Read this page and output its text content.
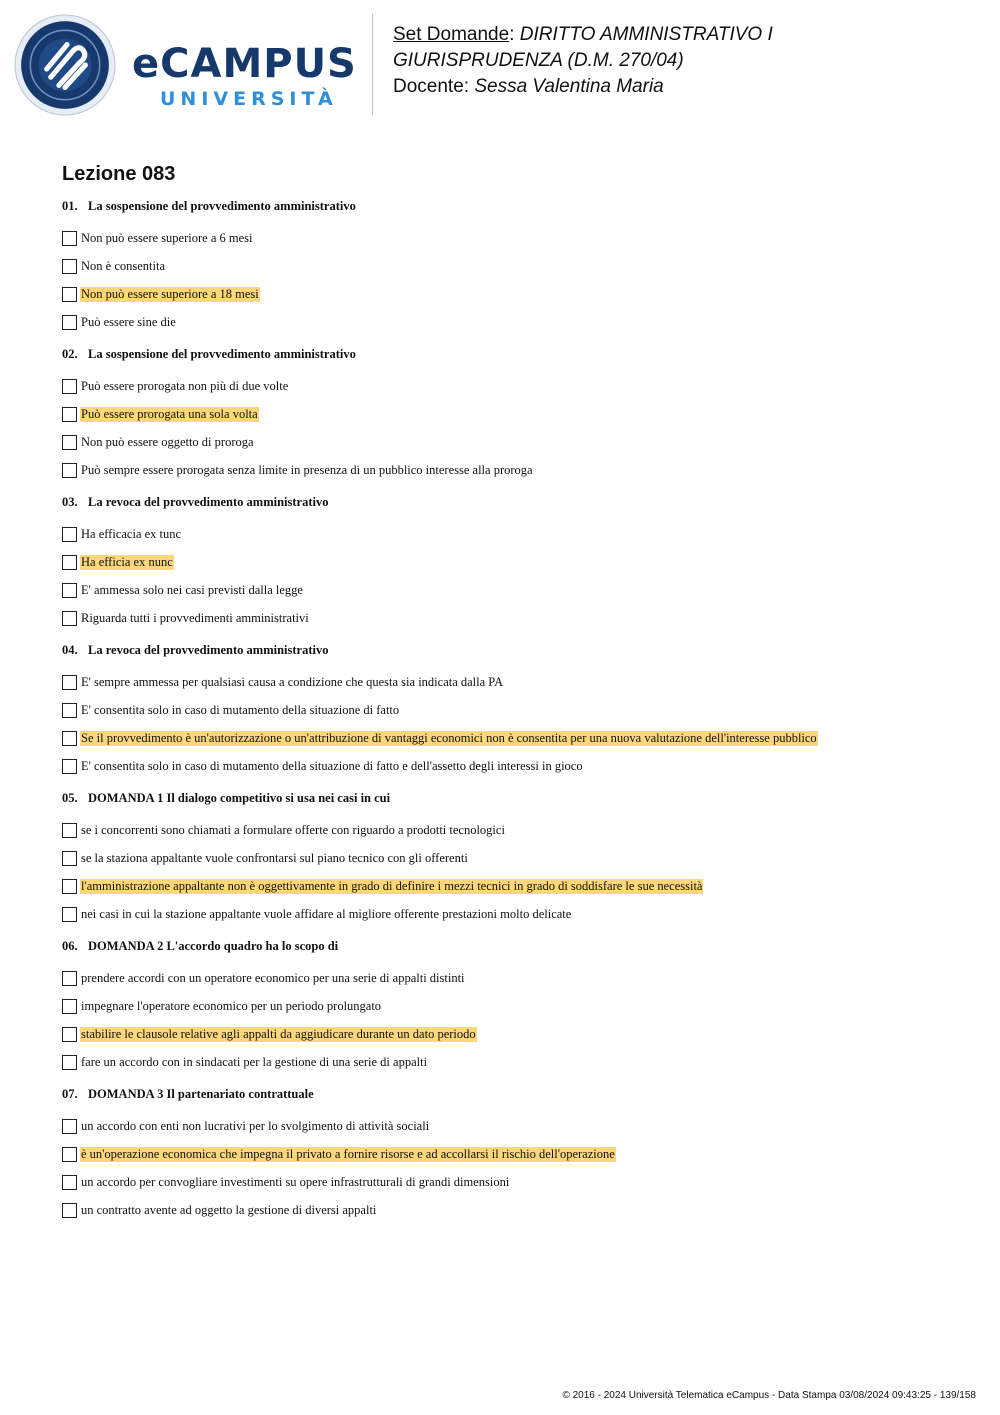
eCAMPUS
UNIVERSITÀ
Set Domande: DIRITTO AMMINISTRATIVO I
GIURISPRUDENZA (D.M. 270/04)
Docente: Sessa Valentina Maria
Lezione 083
01. La sospensione del provvedimento amministrativo
Non può essere superiore a 6 mesi
Non è consentita
Non può essere superiore a 18 mesi
Può essere sine die
02. La sospensione del provvedimento amministrativo
Può essere prorogata non più di due volte
Può essere prorogata una sola volta
Non può essere oggetto di proroga
Può sempre essere prorogata senza limite in presenza di un pubblico interesse alla proroga
03. La revoca del provvedimento amministrativo
Ha efficacia ex tunc
Ha efficia ex nunc
E' ammessa solo nei casi previsti dalla legge
Riguarda tutti i provvedimenti amministrativi
04. La revoca del provvedimento amministrativo
E' sempre ammessa per qualsiasi causa a condizione che questa sia indicata dalla PA
E' consentita solo in caso di mutamento della situazione di fatto
Se il provvedimento è un'autorizzazione o un'attribuzione di vantaggi economici non è consentita per una nuova valutazione dell'interesse pubblico
E' consentita solo in caso di mutamento della situazione di fatto e dell'assetto degli interessi in gioco
05. DOMANDA 1 Il dialogo competitivo si usa nei casi in cui
se i concorrenti sono chiamati a formulare offerte con riguardo a prodotti tecnologici
se la staziona appaltante vuole confrontarsi sul piano tecnico con gli offerenti
l'amministrazione appaltante non è oggettivamente in grado di definire i mezzi tecnici in grado di soddisfare le sue necessità
nei casi in cui la stazione appaltante vuole affidare al migliore offerente prestazioni molto delicate
06. DOMANDA 2 L'accordo quadro ha lo scopo di
prendere accordi con un operatore economico per una serie di appalti distinti
impegnare l'operatore economico per un periodo prolungato
stabilire le clausole relative agli appalti da aggiudicare durante un dato periodo
fare un accordo con in sindacati per la gestione di una serie di appalti
07. DOMANDA 3 Il partenariato contrattuale
un accordo con enti non lucrativi per lo svolgimento di attività sociali
è un'operazione economica che impegna il privato a fornire risorse e ad accollarsi il rischio dell'operazione
un accordo per convogliare investimenti su opere infrastrutturali di grandi dimensioni
un contratto avente ad oggetto la gestione di diversi appalti
© 2016 - 2024 Università Telematica eCampus - Data Stampa 03/08/2024 09:43:25 - 139/158
